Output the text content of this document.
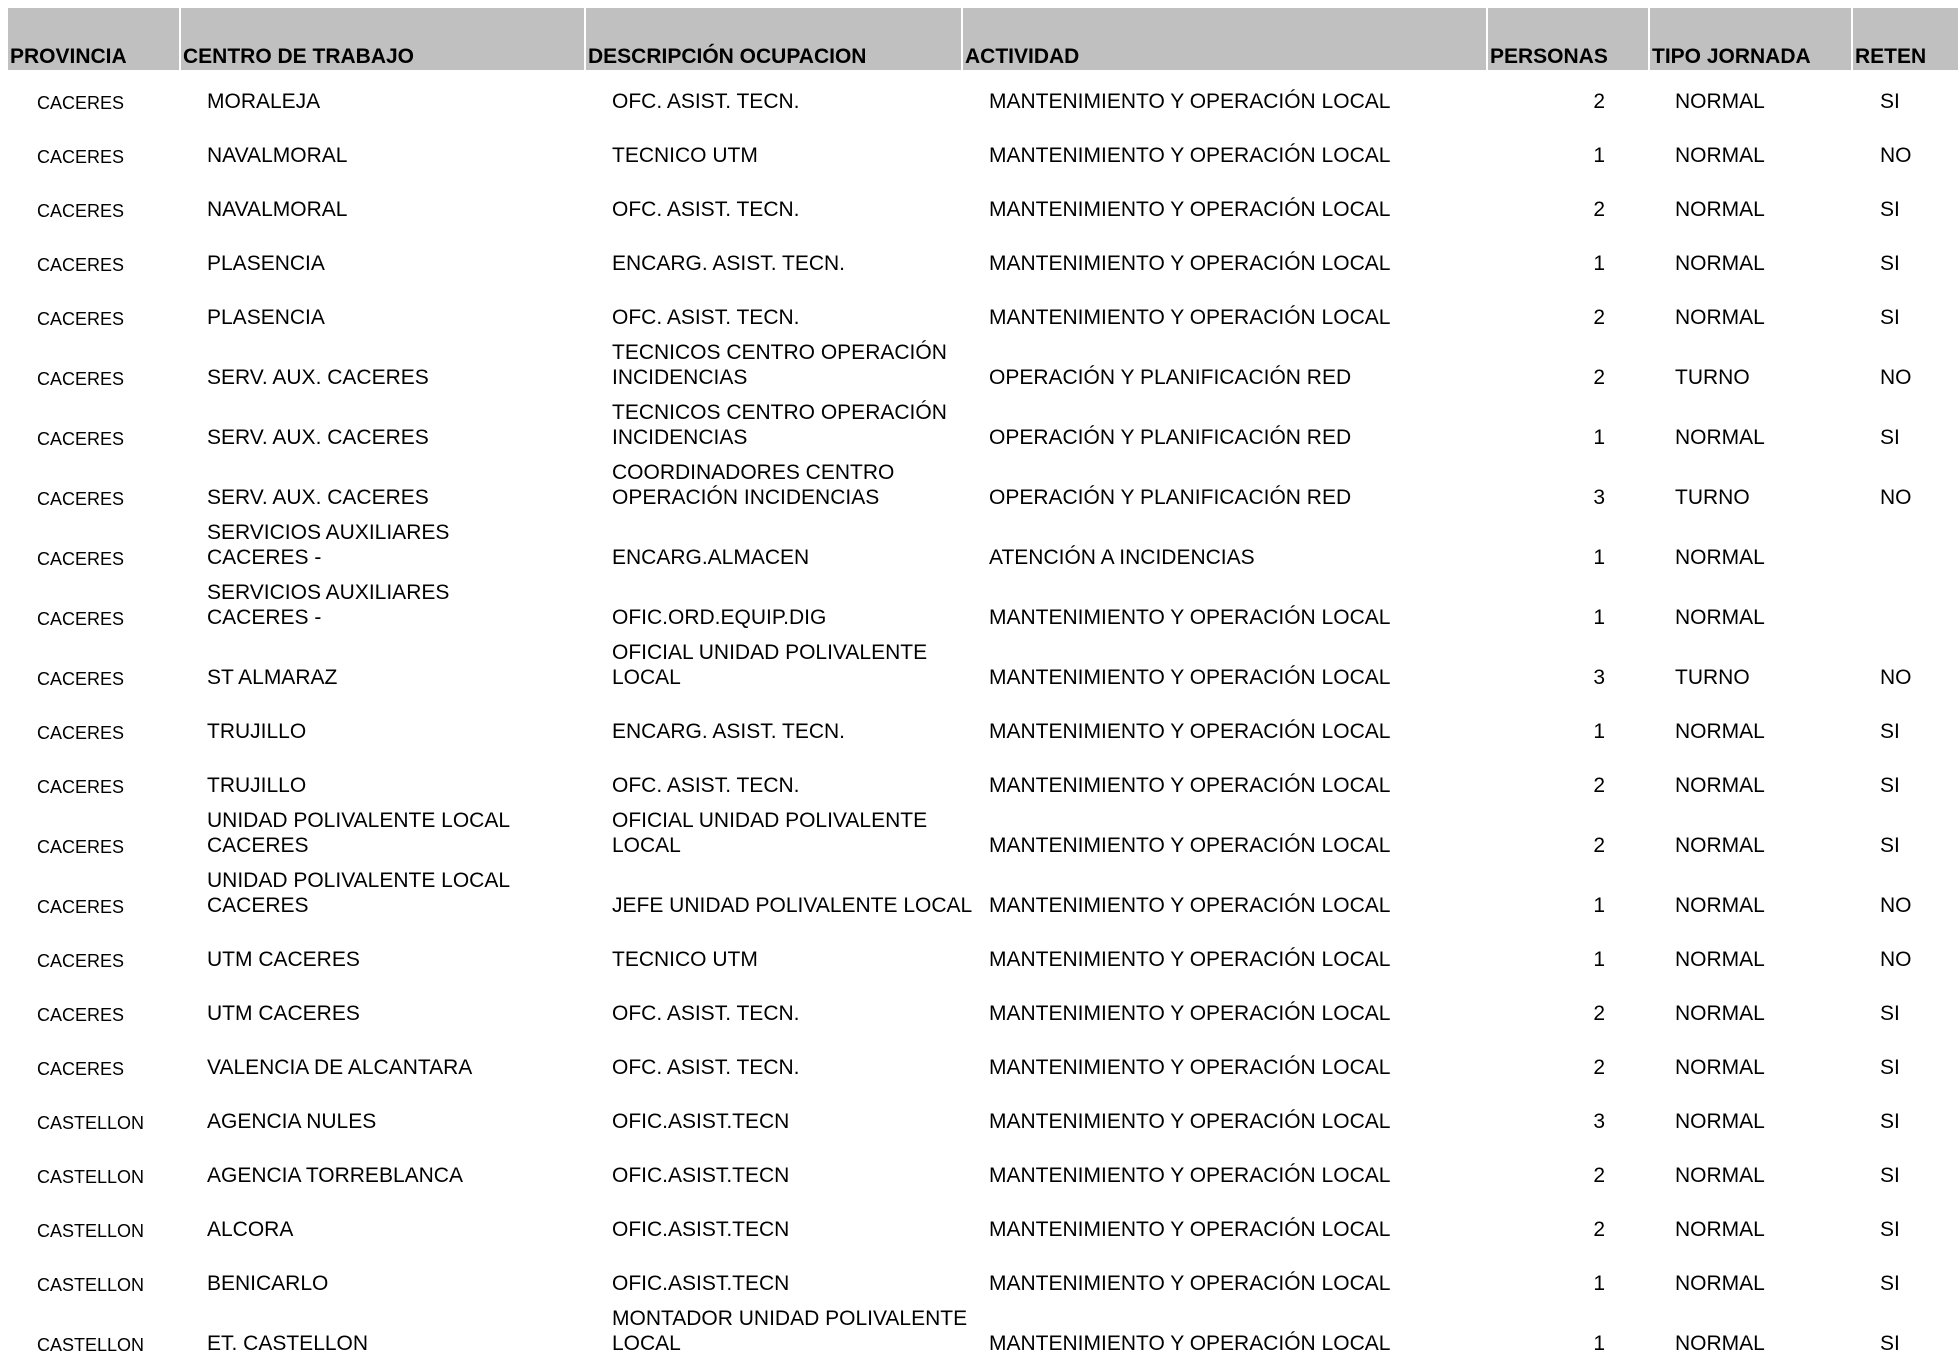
PROVINCIA	CENTRO DE TRABAJO	DESCRIPCIÓN OCUPACION	ACTIVIDAD	PERSONAS	TIPO JORNADA	RETEN

CACERES	MORALEJA	OFC. ASIST. TECN.	MANTENIMIENTO Y OPERACIÓN LOCAL	2	NORMAL	SI
CACERES	NAVALMORAL	TECNICO UTM	MANTENIMIENTO Y OPERACIÓN LOCAL	1	NORMAL	NO
CACERES	NAVALMORAL	OFC. ASIST. TECN.	MANTENIMIENTO Y OPERACIÓN LOCAL	2	NORMAL	SI
CACERES	PLASENCIA	ENCARG. ASIST. TECN.	MANTENIMIENTO Y OPERACIÓN LOCAL	1	NORMAL	SI
CACERES	PLASENCIA	OFC. ASIST. TECN.	MANTENIMIENTO Y OPERACIÓN LOCAL	2	NORMAL	SI
CACERES	SERV. AUX. CACERES	TECNICOS CENTRO OPERACIÓN INCIDENCIAS	OPERACIÓN Y PLANIFICACIÓN RED	2	TURNO	NO
CACERES	SERV. AUX. CACERES	TECNICOS CENTRO OPERACIÓN INCIDENCIAS	OPERACIÓN Y PLANIFICACIÓN RED	1	NORMAL	SI
CACERES	SERV. AUX. CACERES	COORDINADORES CENTRO OPERACIÓN INCIDENCIAS	OPERACIÓN Y PLANIFICACIÓN RED	3	TURNO	NO
CACERES	SERVICIOS AUXILIARES CACERES -	ENCARG.ALMACEN	ATENCIÓN A INCIDENCIAS	1	NORMAL	
CACERES	SERVICIOS AUXILIARES CACERES -	OFIC.ORD.EQUIP.DIG	MANTENIMIENTO Y OPERACIÓN LOCAL	1	NORMAL	
CACERES	ST ALMARAZ	OFICIAL UNIDAD POLIVALENTE LOCAL	MANTENIMIENTO Y OPERACIÓN LOCAL	3	TURNO	NO
CACERES	TRUJILLO	ENCARG. ASIST. TECN.	MANTENIMIENTO Y OPERACIÓN LOCAL	1	NORMAL	SI
CACERES	TRUJILLO	OFC. ASIST. TECN.	MANTENIMIENTO Y OPERACIÓN LOCAL	2	NORMAL	SI
CACERES	UNIDAD POLIVALENTE LOCAL CACERES	OFICIAL UNIDAD POLIVALENTE LOCAL	MANTENIMIENTO Y OPERACIÓN LOCAL	2	NORMAL	SI
CACERES	UNIDAD POLIVALENTE LOCAL CACERES	JEFE UNIDAD POLIVALENTE LOCAL	MANTENIMIENTO Y OPERACIÓN LOCAL	1	NORMAL	NO
CACERES	UTM CACERES	TECNICO UTM	MANTENIMIENTO Y OPERACIÓN LOCAL	1	NORMAL	NO
CACERES	UTM CACERES	OFC. ASIST. TECN.	MANTENIMIENTO Y OPERACIÓN LOCAL	2	NORMAL	SI
CACERES	VALENCIA DE ALCANTARA	OFC. ASIST. TECN.	MANTENIMIENTO Y OPERACIÓN LOCAL	2	NORMAL	SI
CASTELLON	AGENCIA NULES	OFIC.ASIST.TECN	MANTENIMIENTO Y OPERACIÓN LOCAL	3	NORMAL	SI
CASTELLON	AGENCIA TORREBLANCA	OFIC.ASIST.TECN	MANTENIMIENTO Y OPERACIÓN LOCAL	2	NORMAL	SI
CASTELLON	ALCORA	OFIC.ASIST.TECN	MANTENIMIENTO Y OPERACIÓN LOCAL	2	NORMAL	SI
CASTELLON	BENICARLO	OFIC.ASIST.TECN	MANTENIMIENTO Y OPERACIÓN LOCAL	1	NORMAL	SI
CASTELLON	ET. CASTELLON	MONTADOR UNIDAD POLIVALENTE LOCAL	MANTENIMIENTO Y OPERACIÓN LOCAL	1	NORMAL	SI
